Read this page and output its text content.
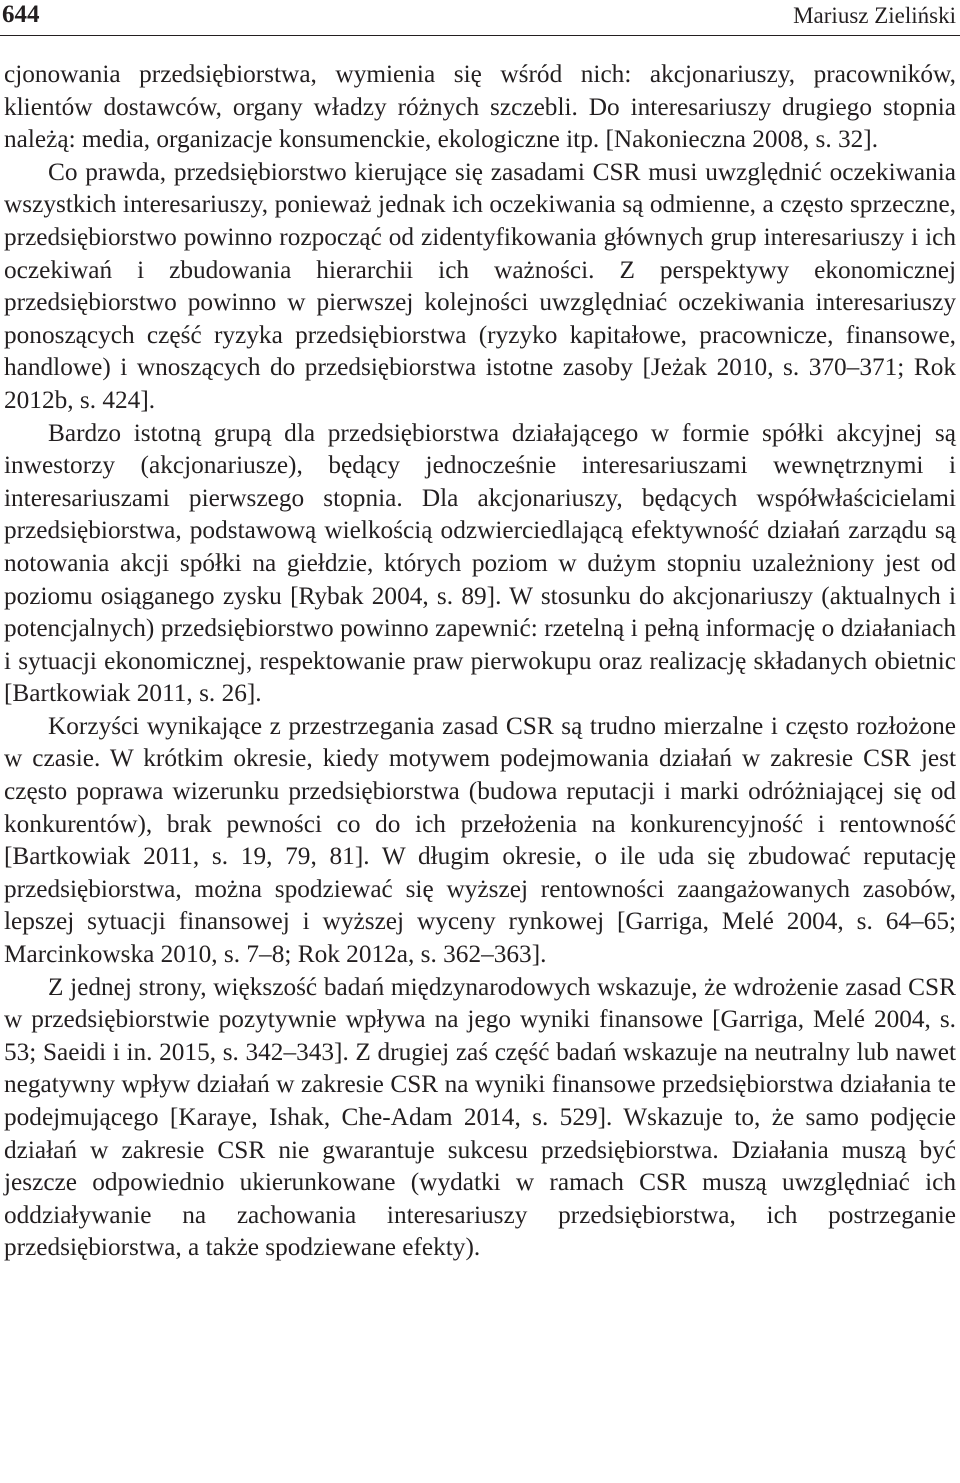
644	Mariusz Zieliński

cjonowania przedsiębiorstwa, wymienia się wśród nich: akcjonariuszy, pracowników, klientów dostawców, organy władzy różnych szczebli. Do interesariuszy drugiego stopnia należą: media, organizacje konsumenckie, ekologiczne itp. [Nakonieczna 2008, s. 32].

Co prawda, przedsiębiorstwo kierujące się zasadami CSR musi uwzględnić oczekiwania wszystkich interesariuszy, ponieważ jednak ich oczekiwania są odmienne, a często sprzeczne, przedsiębiorstwo powinno rozpocząć od zidentyfikowania głównych grup interesariuszy i ich oczekiwań i zbudowania hierarchii ich ważności. Z perspektywy ekonomicznej przedsiębiorstwo powinno w pierwszej kolejności uwzględniać oczekiwania interesariuszy ponoszących część ryzyka przedsiębiorstwa (ryzyko kapitałowe, pracownicze, finansowe, handlowe) i wnoszących do przedsiębiorstwa istotne zasoby [Jeżak 2010, s. 370–371; Rok 2012b, s. 424].

Bardzo istotną grupą dla przedsiębiorstwa działającego w formie spółki akcyjnej są inwestorzy (akcjonariusze), będący jednocześnie interesariuszami wewnętrznymi i interesariuszami pierwszego stopnia. Dla akcjonariuszy, będących współwłaścicielami przedsiębiorstwa, podstawową wielkością odzwierciedlającą efektywność działań zarządu są notowania akcji spółki na giełdzie, których poziom w dużym stopniu uzależniony jest od poziomu osiąganego zysku [Rybak 2004, s. 89]. W stosunku do akcjonariuszy (aktualnych i potencjalnych) przedsiębiorstwo powinno zapewnić: rzetelną i pełną informację o działaniach i sytuacji ekonomicznej, respektowanie praw pierwokupu oraz realizację składanych obietnic [Bartkowiak 2011, s. 26].

Korzyści wynikające z przestrzegania zasad CSR są trudno mierzalne i często rozłożone w czasie. W krótkim okresie, kiedy motywem podejmowania działań w zakresie CSR jest często poprawa wizerunku przedsiębiorstwa (budowa reputacji i marki odróżniającej się od konkurentów), brak pewności co do ich przełożenia na konkurencyjność i rentowność [Bartkowiak 2011, s. 19, 79, 81]. W długim okresie, o ile uda się zbudować reputację przedsiębiorstwa, można spodziewać się wyższej rentowności zaangażowanych zasobów, lepszej sytuacji finansowej i wyższej wyceny rynkowej [Garriga, Melé 2004, s. 64–65; Marcinkowska 2010, s. 7–8; Rok 2012a, s. 362–363].

Z jednej strony, większość badań międzynarodowych wskazuje, że wdrożenie zasad CSR w przedsiębiorstwie pozytywnie wpływa na jego wyniki finansowe [Garriga, Melé 2004, s. 53; Saeidi i in. 2015, s. 342–343]. Z drugiej zaś część badań wskazuje na neutralny lub nawet negatywny wpływ działań w zakresie CSR na wyniki finansowe przedsiębiorstwa działania te podejmującego [Karaye, Ishak, Che-Adam 2014, s. 529]. Wskazuje to, że samo podjęcie działań w zakresie CSR nie gwarantuje sukcesu przedsiębiorstwa. Działania muszą być jeszcze odpowiednio ukierunkowane (wydatki w ramach CSR muszą uwzględniać ich oddziaływanie na zachowania interesariuszy przedsiębiorstwa, ich postrzeganie przedsiębiorstwa, a także spodziewane efekty).
